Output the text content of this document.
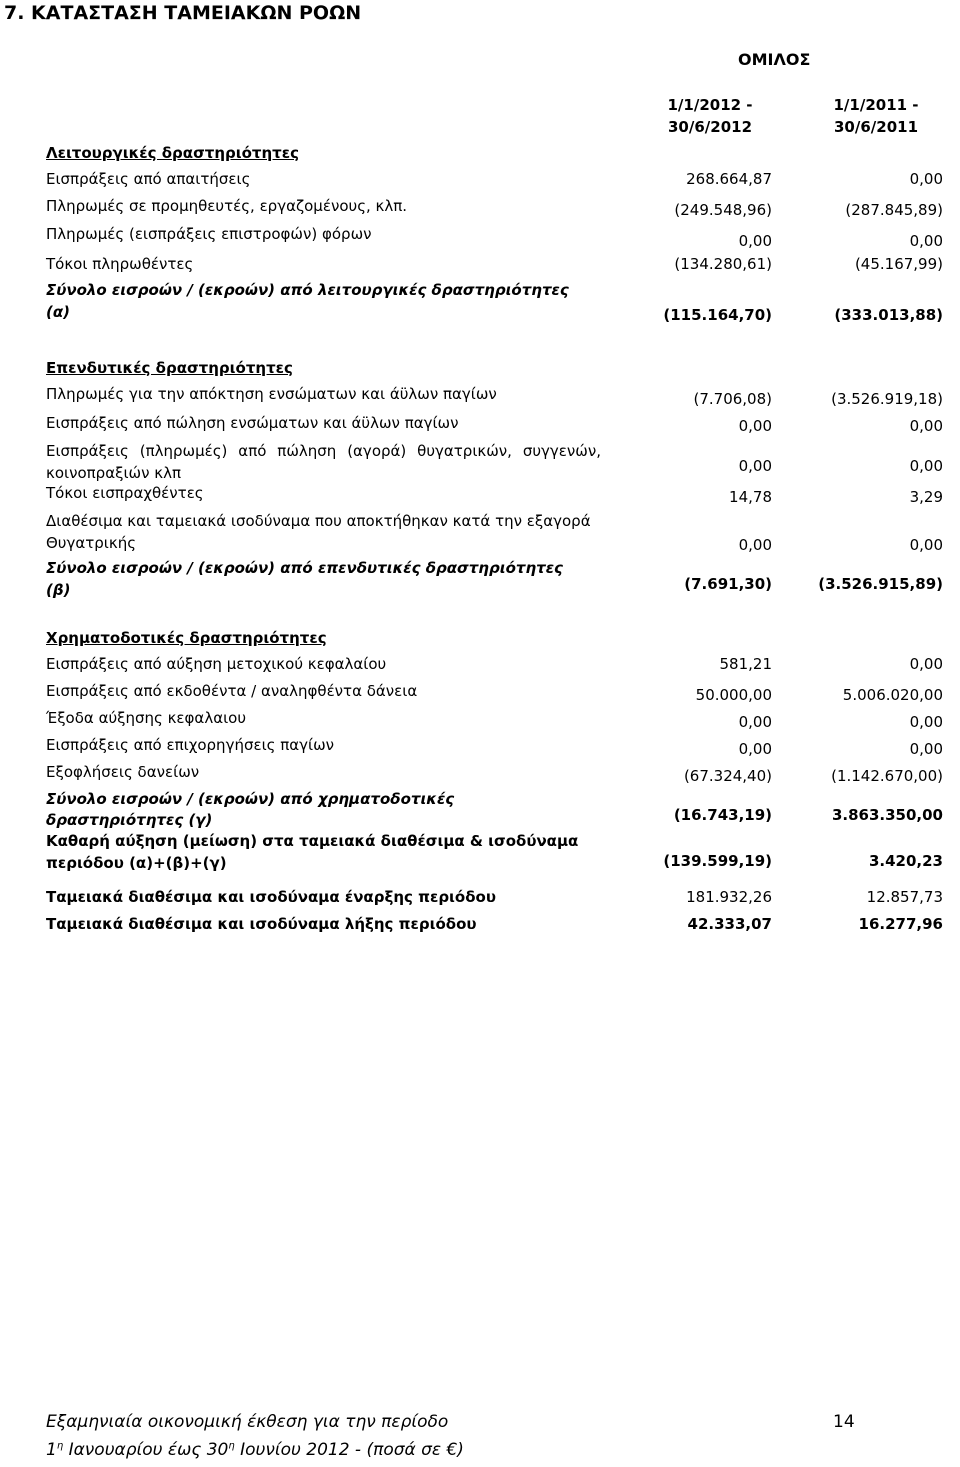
7. ΚΑΤΑΣΤΑΣΗ ΤΑΜΕΙΑΚΩΝ ΡΟΩΝ
ΟΜΙΛΟΣ
1/1/2012 -
30/6/2012
1/1/2011 -
30/6/2011
Λειτουργικές δραστηριότητες
Εισπράξεις από απαιτήσεις	268.664,87	0,00
Πληρωμές σε προμηθευτές, εργαζομένους, κλπ.	(249.548,96)	(287.845,89)
Πληρωμές (εισπράξεις επιστροφών) φόρων	0,00	0,00
Τόκοι πληρωθέντες	(134.280,61)	(45.167,99)
Σύνολο εισροών / (εκροών) από λειτουργικές δραστηριότητες
(α)	(115.164,70)	(333.013,88)
Επενδυτικές δραστηριότητες
Πληρωμές για την απόκτηση ενσώματων και άϋλων παγίων	(7.706,08)	(3.526.919,18)
Εισπράξεις από πώληση ενσώματων και άϋλων παγίων	0,00	0,00
Εισπράξεις (πληρωμές) από πώληση (αγορά) θυγατρικών, συγγενών, κοινοπραξιών κλπ	0,00	0,00
Τόκοι εισπραχθέντες	14,78	3,29
Διαθέσιμα και ταμειακά ισοδύναμα που αποκτήθηκαν κατά την εξαγορά Θυγατρικής	0,00	0,00
Σύνολο εισροών / (εκροών) από επενδυτικές δραστηριότητες
(β)	(7.691,30)	(3.526.915,89)
Χρηματοδοτικές δραστηριότητες
Εισπράξεις από αύξηση μετοχικού κεφαλαίου	581,21	0,00
Εισπράξεις από εκδοθέντα / αναληφθέντα δάνεια	50.000,00	5.006.020,00
Έξοδα αύξησης κεφαλαιου	0,00	0,00
Εισπράξεις από επιχορηγήσεις παγίων	0,00	0,00
Εξοφλήσεις δανείων	(67.324,40)	(1.142.670,00)
Σύνολο εισροών / (εκροών) από χρηματοδοτικές
δραστηριότητες (γ)	(16.743,19)	3.863.350,00
Καθαρή αύξηση (μείωση) στα ταμειακά διαθέσιμα & ισοδύναμα
περιόδου (α)+(β)+(γ)	(139.599,19)	3.420,23
Ταμειακά διαθέσιμα και ισοδύναμα έναρξης περιόδου	181.932,26	12.857,73
Ταμειακά διαθέσιμα και ισοδύναμα λήξης περιόδου	42.333,07	16.277,96
Εξαμηνιαία οικονομική έκθεση για την περίοδο	14
$1^\eta$ Ιανουαρίου έως $30^\eta$ Ιουνίου 2012 - (ποσά σε €)
